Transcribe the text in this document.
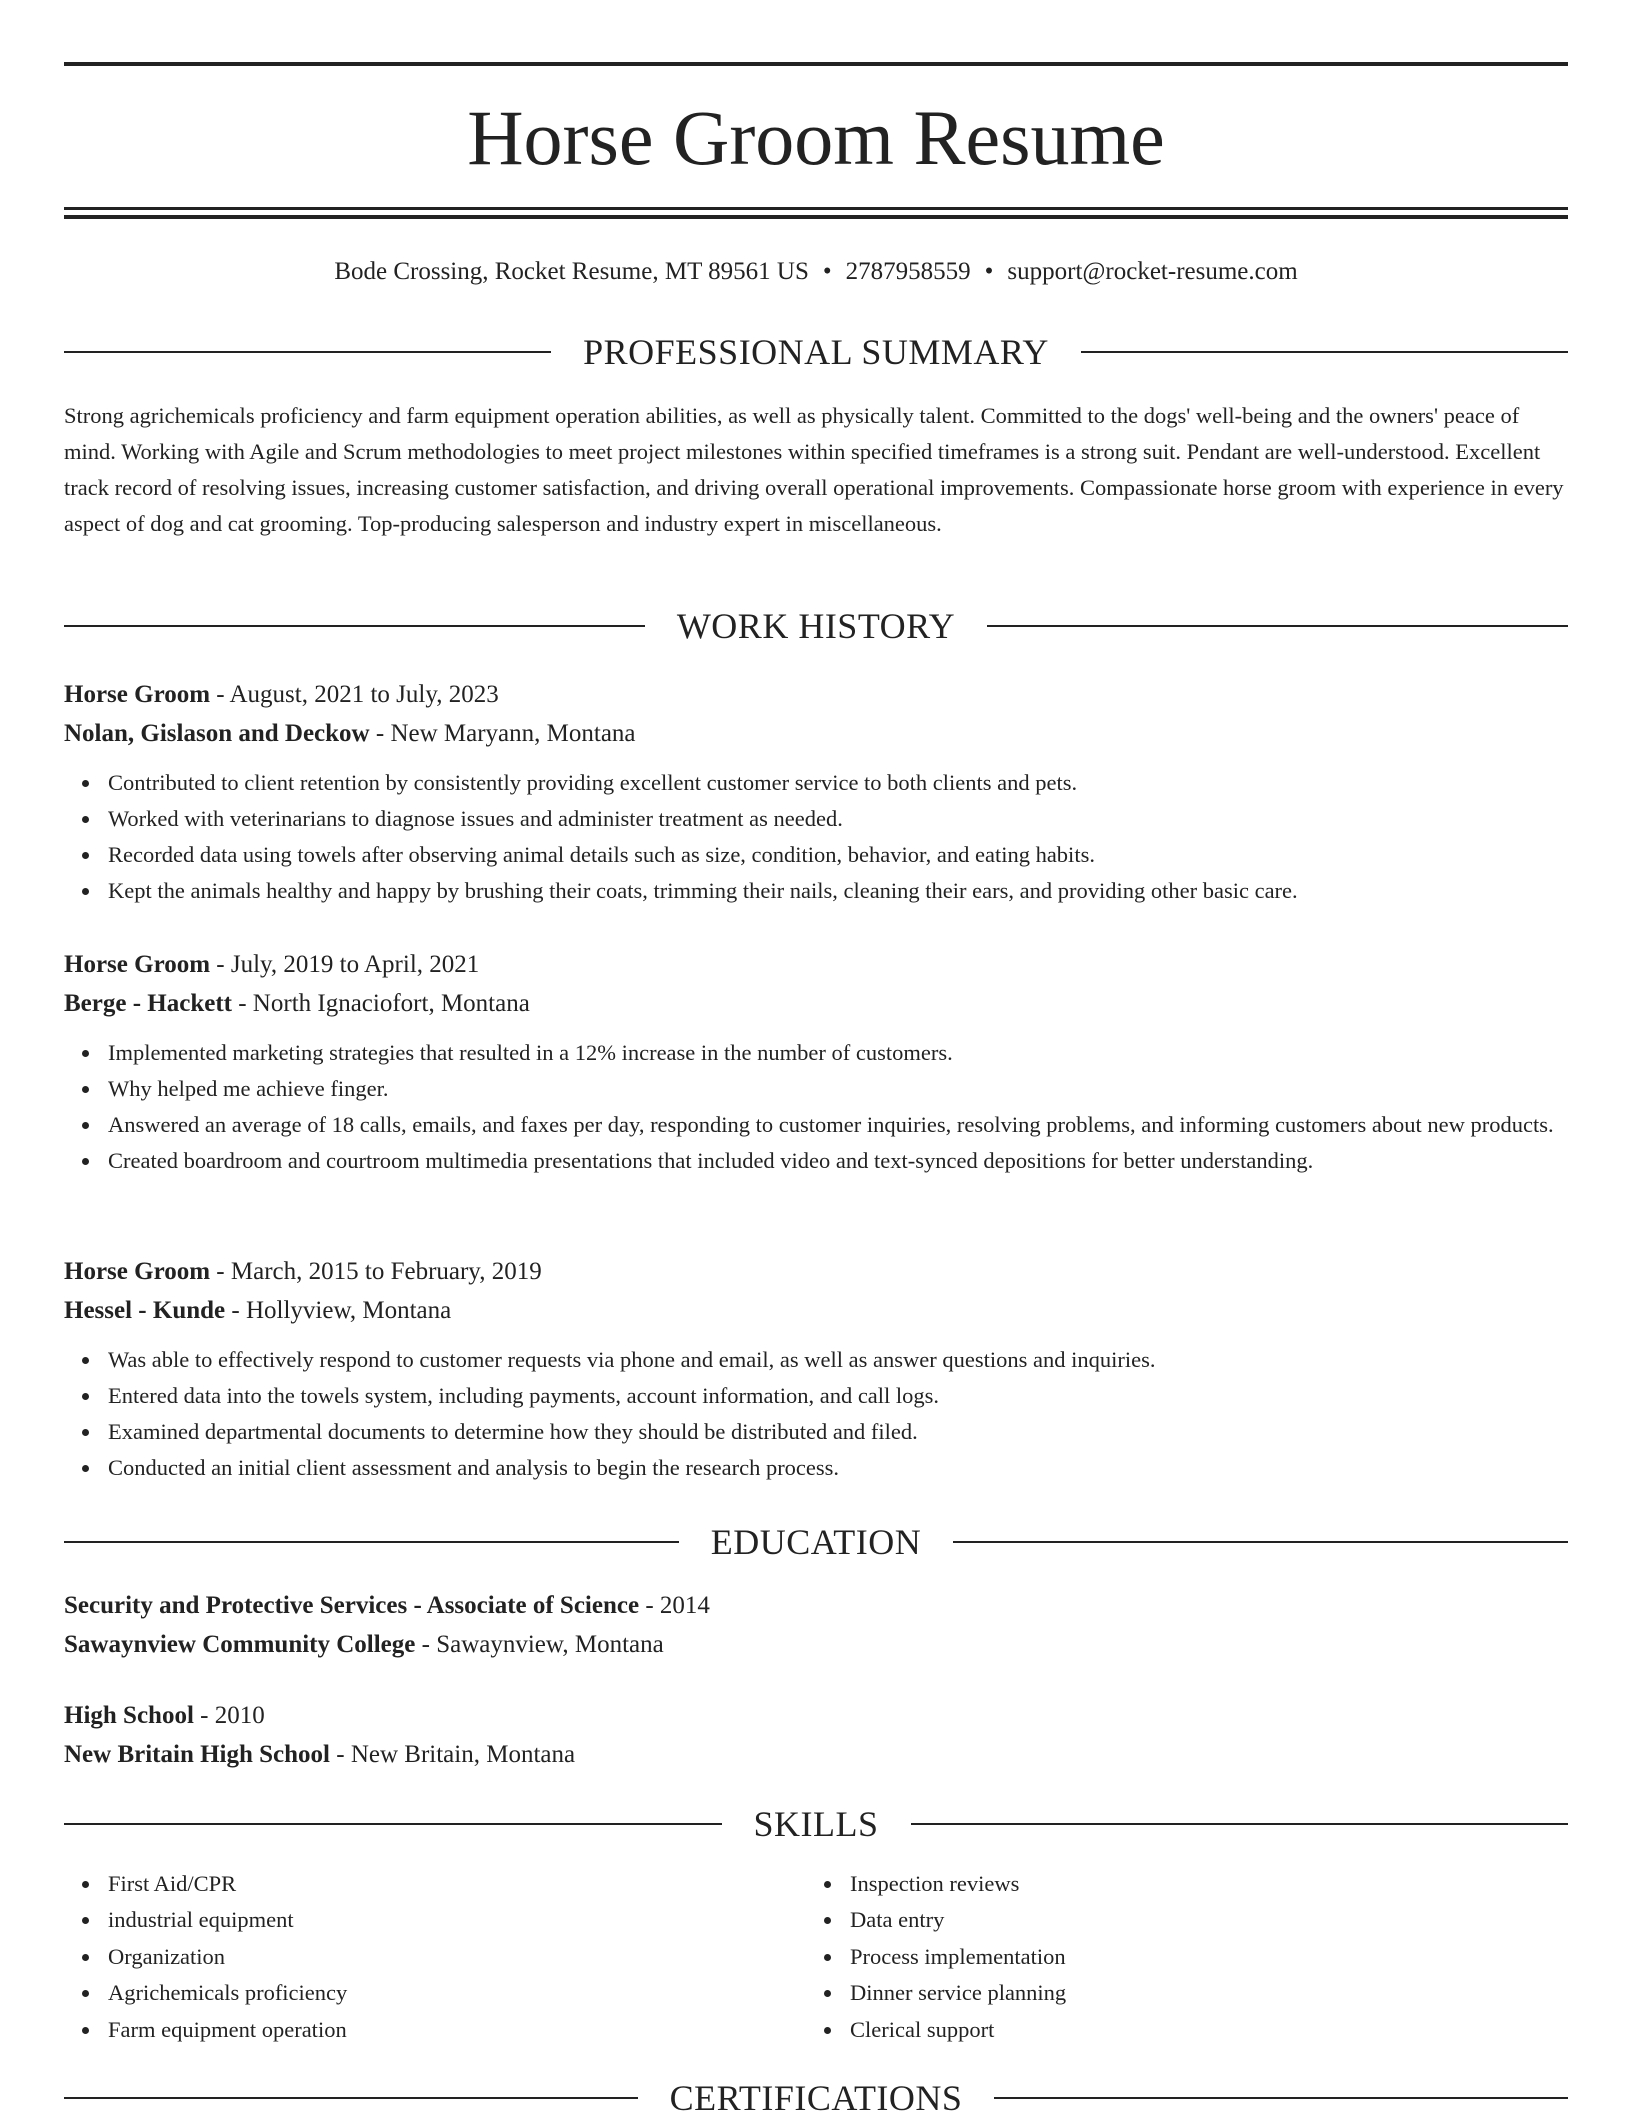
Horse Groom Resume
Bode Crossing, Rocket Resume, MT 89561 US • 2787958559 • support@rocket-resume.com
PROFESSIONAL SUMMARY

Strong agrichemicals proficiency and farm equipment operation abilities, as well as physically talent. Committed to the dogs' well-being and the owners' peace of mind. Working with Agile and Scrum methodologies to meet project milestones within specified timeframes is a strong suit. Pendant are well-understood. Excellent track record of resolving issues, increasing customer satisfaction, and driving overall operational improvements. Compassionate horse groom with experience in every aspect of dog and cat grooming. Top-producing salesperson and industry expert in miscellaneous.

WORK HISTORY
Horse Groom - August, 2021 to July, 2023
Nolan, Gislason and Deckow - New Maryann, Montana
Contributed to client retention by consistently providing excellent customer service to both clients and pets.
Worked with veterinarians to diagnose issues and administer treatment as needed.
Recorded data using towels after observing animal details such as size, condition, behavior, and eating habits.
Kept the animals healthy and happy by brushing their coats, trimming their nails, cleaning their ears, and providing other basic care.
Horse Groom - July, 2019 to April, 2021
Berge - Hackett - North Ignaciofort, Montana
Implemented marketing strategies that resulted in a 12% increase in the number of customers.
Why helped me achieve finger.
Answered an average of 18 calls, emails, and faxes per day, responding to customer inquiries, resolving problems, and informing customers about new products.
Created boardroom and courtroom multimedia presentations that included video and text-synced depositions for better understanding.
Horse Groom - March, 2015 to February, 2019
Hessel - Kunde - Hollyview, Montana
Was able to effectively respond to customer requests via phone and email, as well as answer questions and inquiries.
Entered data into the towels system, including payments, account information, and call logs.
Examined departmental documents to determine how they should be distributed and filed.
Conducted an initial client assessment and analysis to begin the research process.
EDUCATION
Security and Protective Services - Associate of Science - 2014
Sawaynview Community College - Sawaynview, Montana
High School - 2010
New Britain High School - New Britain, Montana
SKILLS
First Aid/CPR
industrial equipment
Organization
Agrichemicals proficiency
Farm equipment operation
Inspection reviews
Data entry
Process implementation
Dinner service planning
Clerical support
CERTIFICATIONS
